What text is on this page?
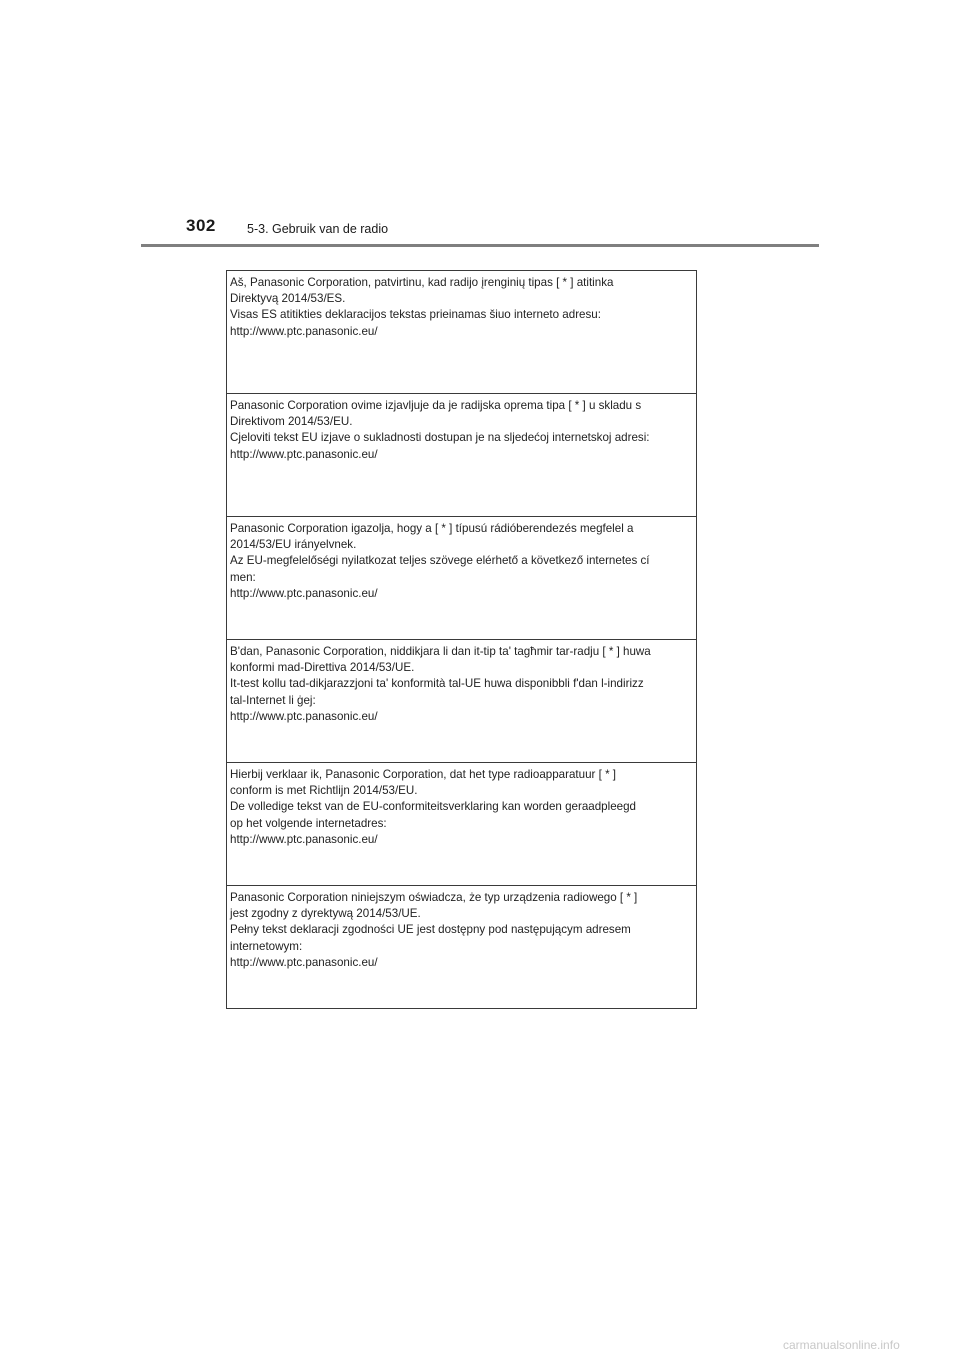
302 5-3. Gebruik van de radio
Aš, Panasonic Corporation, patvirtinu, kad radijo įrenginių tipas [ * ] atitinka
Direktyvą 2014/53/ES.
Visas ES atitikties deklaracijos tekstas prieinamas šiuo interneto adresu:
http://www.ptc.panasonic.eu/
Panasonic Corporation ovime izjavljuje da je radijska oprema tipa [ * ] u skladu s
Direktivom 2014/53/EU.
Cjeloviti tekst EU izjave o sukladnosti dostupan je na sljedećoj internetskoj adresi:
http://www.ptc.panasonic.eu/
Panasonic Corporation igazolja, hogy a [ * ] típusú rádióberendezés megfelel a
2014/53/EU irányelvnek.
Az EU-megfelelőségi nyilatkozat teljes szövege elérhető a következő internetes cí
men:
http://www.ptc.panasonic.eu/
B'dan, Panasonic Corporation, niddikjara li dan it-tip ta' tagħmir tar-radju [ * ] huwa
konformi mad-Direttiva 2014/53/UE.
It-test kollu tad-dikjarazzjoni ta' konformità tal-UE huwa disponibbli f'dan l-indirizz
tal-Internet li ġej:
http://www.ptc.panasonic.eu/
Hierbij verklaar ik, Panasonic Corporation, dat het type radioapparatuur [ * ]
conform is met Richtlijn 2014/53/EU.
De volledige tekst van de EU-conformiteitsverklaring kan worden geraadpleegd
op het volgende internetadres:
http://www.ptc.panasonic.eu/
Panasonic Corporation niniejszym oświadcza, że typ urządzenia radiowego [ * ]
jest zgodny z dyrektywą 2014/53/UE.
Pełny tekst deklaracji zgodności UE jest dostępny pod następującym adresem
internetowym:
http://www.ptc.panasonic.eu/
carmanualsonline.info
